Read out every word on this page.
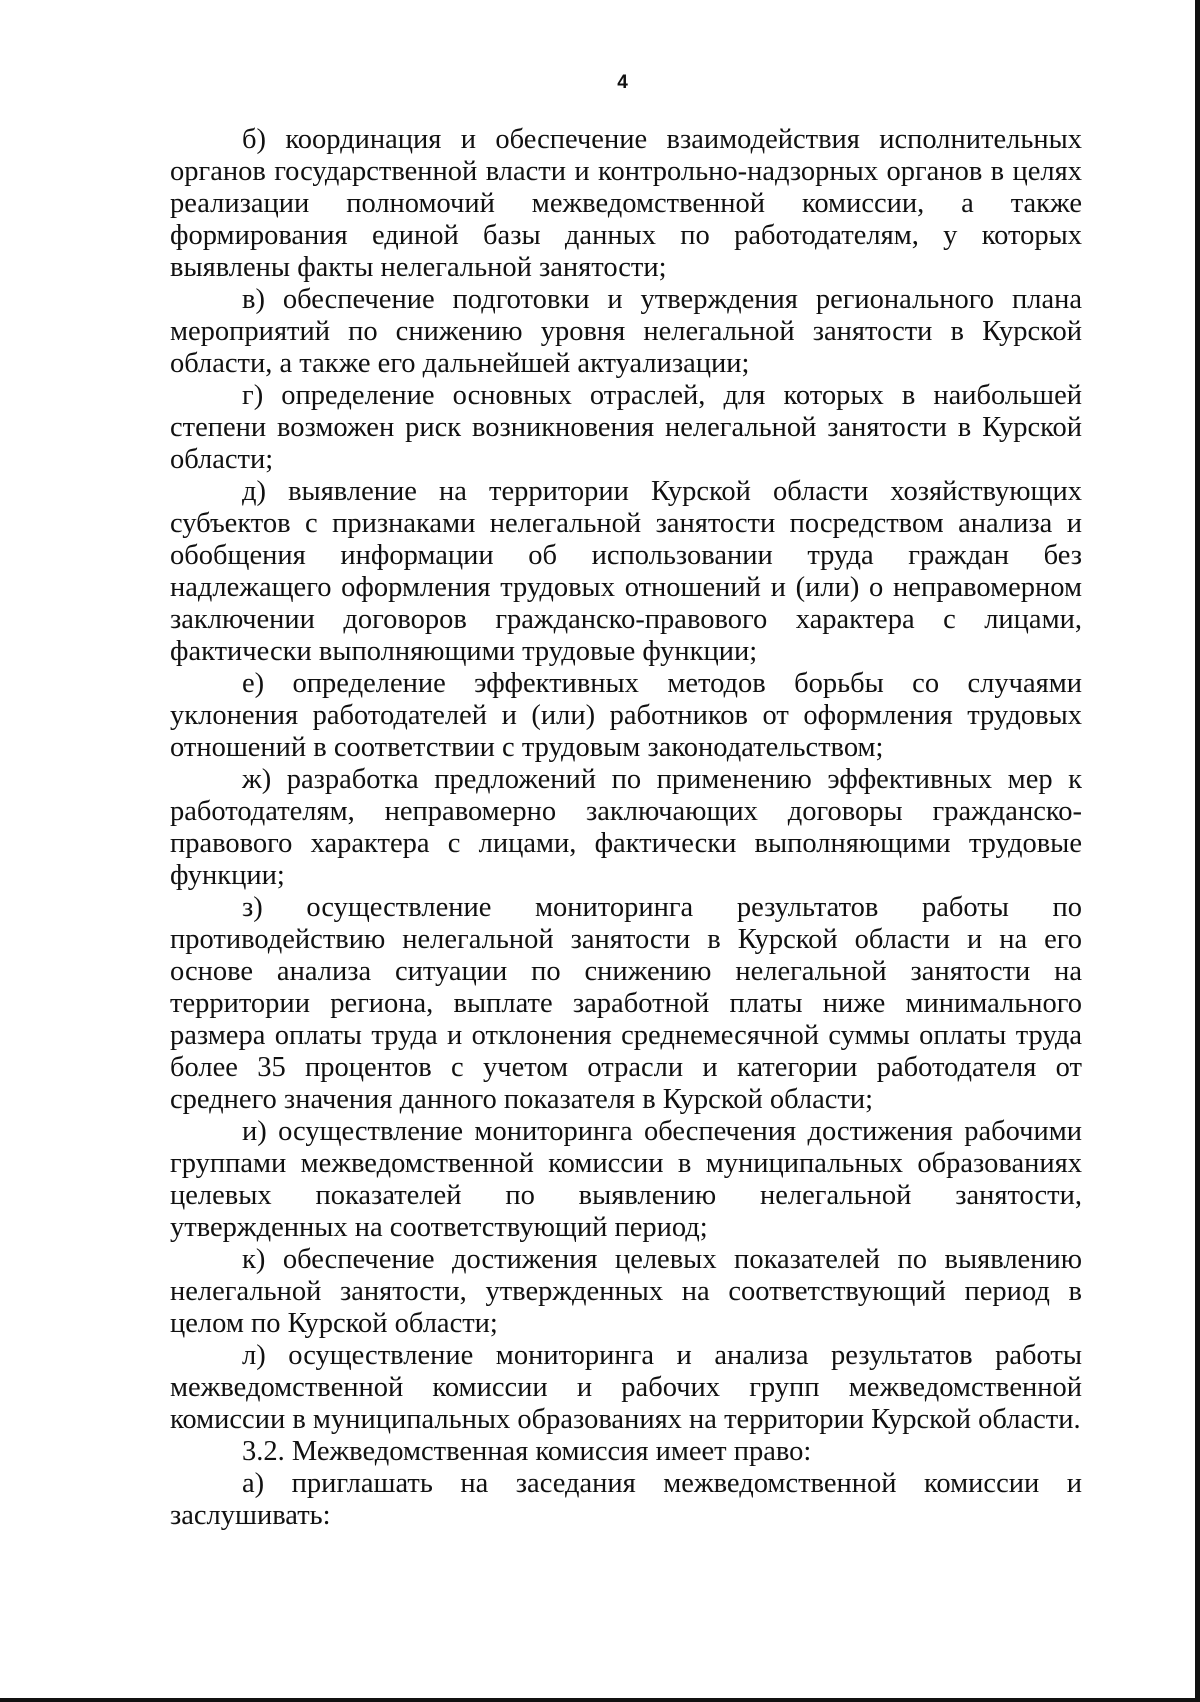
4

б) координация и обеспечение взаимодействия исполнительных органов государственной власти и контрольно-надзорных органов в целях реализации полномочий межведомственной комиссии, а также формирования единой базы данных по работодателям, у которых выявлены факты нелегальной занятости;

в) обеспечение подготовки и утверждения регионального плана мероприятий по снижению уровня нелегальной занятости в Курской области, а также его дальнейшей актуализации;

г) определение основных отраслей, для которых в наибольшей степени возможен риск возникновения нелегальной занятости в Курской области;

д) выявление на территории Курской области хозяйствующих субъектов с признаками нелегальной занятости посредством анализа и обобщения информации об использовании труда граждан без надлежащего оформления трудовых отношений и (или) о неправомерном заключении договоров гражданско-правового характера с лицами, фактически выполняющими трудовые функции;

е) определение эффективных методов борьбы со случаями уклонения работодателей и (или) работников от оформления трудовых отношений в соответствии с трудовым законодательством;

ж) разработка предложений по применению эффективных мер к работодателям, неправомерно заключающих договоры гражданско-правового характера с лицами, фактически выполняющими трудовые функции;

з) осуществление мониторинга результатов работы по противодействию нелегальной занятости в Курской области и на его основе анализа ситуации по снижению нелегальной занятости на территории региона, выплате заработной платы ниже минимального размера оплаты труда и отклонения среднемесячной суммы оплаты труда более 35 процентов с учетом отрасли и категории работодателя от среднего значения данного показателя в Курской области;

и) осуществление мониторинга обеспечения достижения рабочими группами межведомственной комиссии в муниципальных образованиях целевых показателей по выявлению нелегальной занятости, утвержденных на соответствующий период;

к) обеспечение достижения целевых показателей по выявлению нелегальной занятости, утвержденных на соответствующий период в целом по Курской области;

л) осуществление мониторинга и анализа результатов работы межведомственной комиссии и рабочих групп межведомственной комиссии в муниципальных образованиях на территории Курской области.

3.2. Межведомственная комиссия имеет право:

а) приглашать на заседания межведомственной комиссии и заслушивать:
